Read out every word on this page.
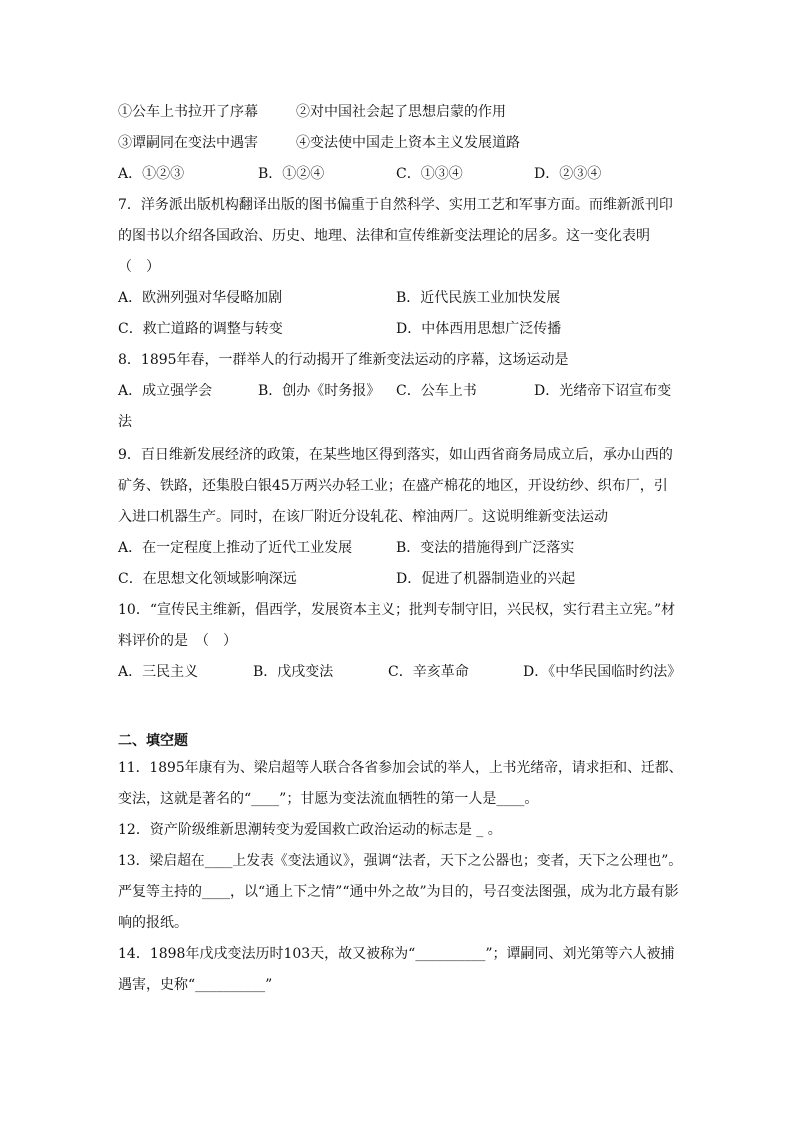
①公车上书拉开了序幕	②对中国社会起了思想启蒙的作用
③谭嗣同在变法中遇害	④变法使中国走上资本主义发展道路
A．①②③	B．①②④	C．①③④	D．②③④
7．洋务派出版机构翻译出版的图书偏重于自然科学、实用工艺和军事方面。而维新派刊印
的图书以介绍各国政治、历史、地理、法律和宣传维新变法理论的居多。这一变化表明
（　）
A．欧洲列强对华侵略加剧	B．近代民族工业加快发展
C．救亡道路的调整与转变	D．中体西用思想广泛传播
8．1895年春，一群举人的行动揭开了维新变法运动的序幕，这场运动是
A．成立强学会	B．创办《时务报》 C．公车上书	D．光绪帝下诏宣布变
法
9．百日维新发展经济的政策，在某些地区得到落实，如山西省商务局成立后，承办山西的
矿务、铁路，还集股白银45万两兴办轻工业；在盛产棉花的地区，开设纺纱、织布厂，引
入进口机器生产。同时，在该厂附近分设轧花、榨油两厂。这说明维新变法运动
A．在一定程度上推动了近代工业发展	B．变法的措施得到广泛落实
C．在思想文化领域影响深远	D．促进了机器制造业的兴起
10．“宣传民主维新，倡西学，发展资本主义；批判专制守旧，兴民权，实行君主立宪。”材
料评价的是　（　）
A．三民主义	B．戊戌变法	C．辛亥革命	D．《中华民国临时约法》
二、填空题
11．1895年康有为、梁启超等人联合各省参加会试的举人，上书光绪帝，请求拒和、迁都、
变法，这就是著名的“____”；甘愿为变法流血牺牲的第一人是____。
12．资产阶级维新思潮转变为爱国救亡政治运动的标志是 _ 。
13．梁启超在____上发表《变法通议》，强调“法者，天下之公器也；变者，天下之公理也”。
严复等主持的____，以“通上下之情”“通中外之故”为目的，号召变法图强，成为北方最有影
响的报纸。
14．1898年戊戌变法历时103天，故又被称为“__________”；谭嗣同、刘光第等六人被捕
遇害，史称“__________”
